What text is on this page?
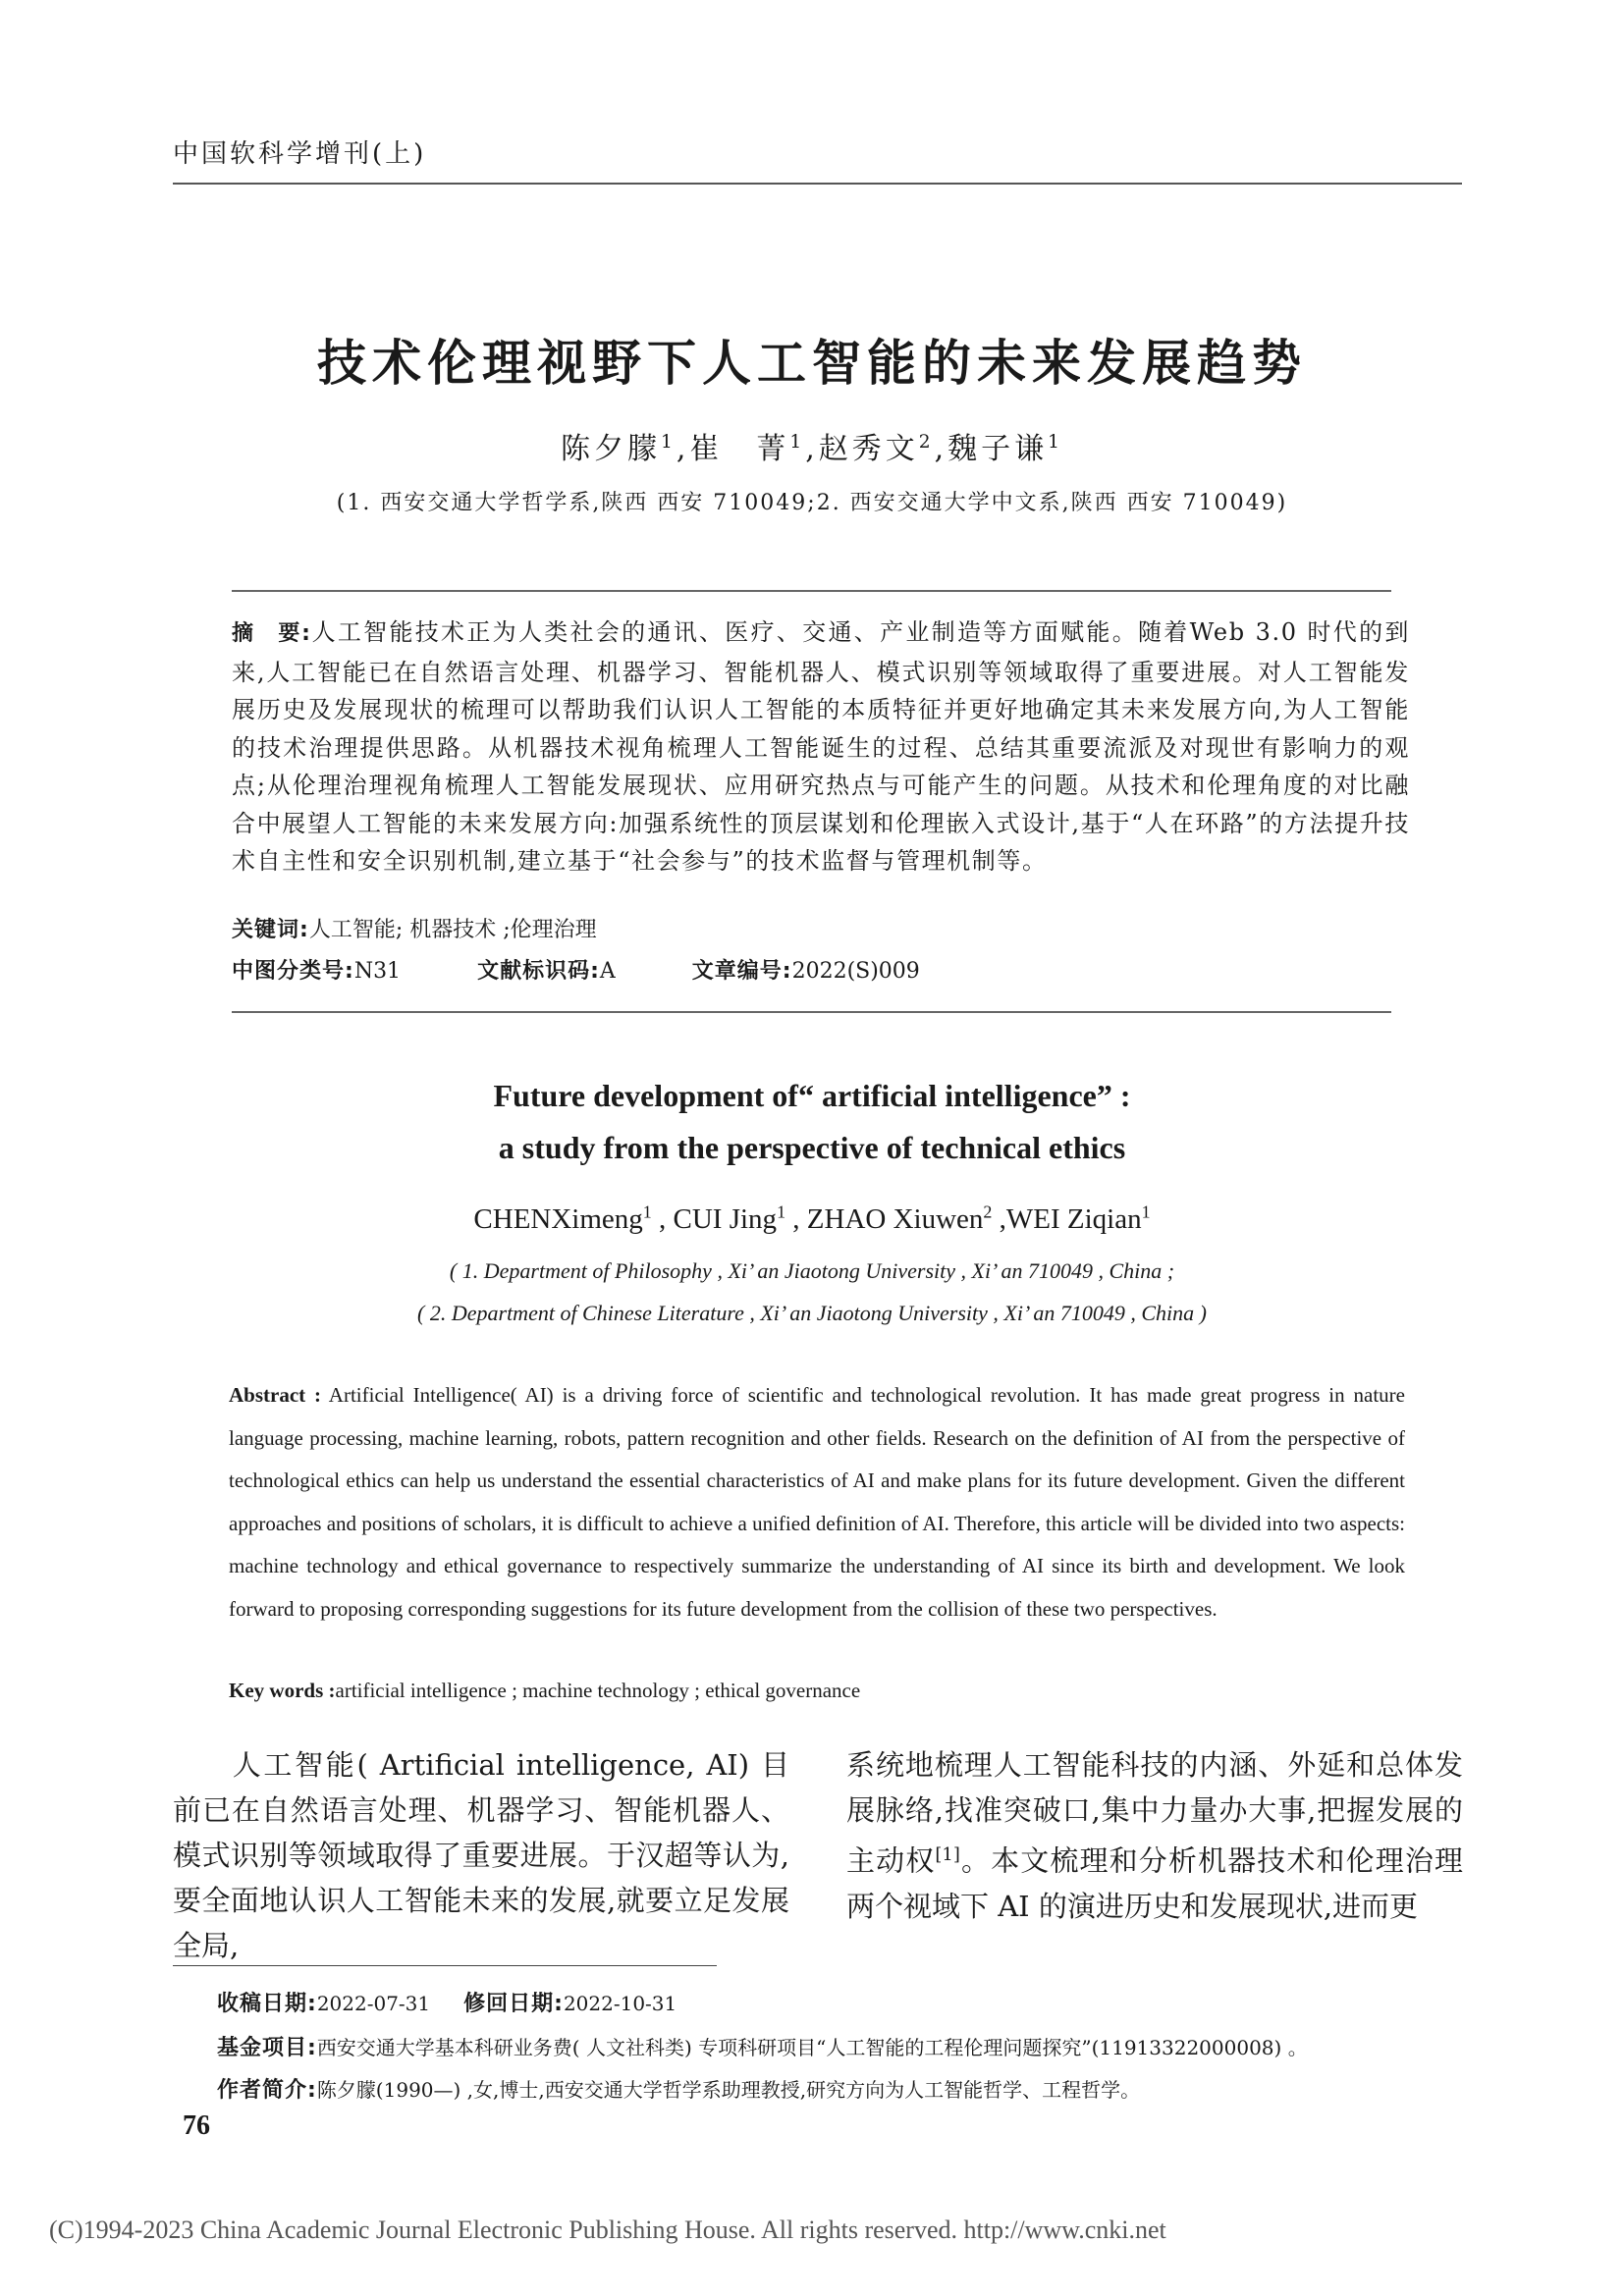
中国软科学增刊(上)
技术伦理视野下人工智能的未来发展趋势
陈夕朦$^1$,崔　菁$^1$,赵秀文$^2$,魏子谦$^1$
(1. 西安交通大学哲学系,陕西 西安 710049;2. 西安交通大学中文系,陕西 西安 710049)
摘　要:人工智能技术正为人类社会的通讯、医疗、交通、产业制造等方面赋能。随着Web 3.0 时代的到来,人工智能已在自然语言处理、机器学习、智能机器人、模式识别等领域取得了重要进展。对人工智能发展历史及发展现状的梳理可以帮助我们认识人工智能的本质特征并更好地确定其未来发展方向,为人工智能的技术治理提供思路。从机器技术视角梳理人工智能诞生的过程、总结其重要流派及对现世有影响力的观点;从伦理治理视角梳理人工智能发展现状、应用研究热点与可能产生的问题。从技术和伦理角度的对比融合中展望人工智能的未来发展方向:加强系统性的顶层谋划和伦理嵌入式设计,基于“人在环路”的方法提升技术自主性和安全识别机制,建立基于“社会参与”的技术监督与管理机制等。
关键词:人工智能; 机器技术 ;伦理治理
中图分类号:N31	文献标识码:A	文章编号:2022(S)009
Future development of“ artificial intelligence” :
a study from the perspective of technical ethics
CHENXimeng$^1$ , CUI Jing$^1$ , ZHAO Xiuwen$^2$ ,WEI Ziqian$^1$
( 1. Department of Philosophy , Xi’ an Jiaotong University , Xi’ an 710049 , China ;
( 2. Department of Chinese Literature , Xi’ an Jiaotong University , Xi’ an 710049 , China )
Abstract : Artificial Intelligence( AI) is a driving force of scientific and technological revolution. It has made great progress in nature language processing, machine learning, robots, pattern recognition and other fields. Research on the definition of AI from the perspective of technological ethics can help us understand the essential characteristics of AI and make plans for its future development. Given the different approaches and positions of scholars, it is difficult to achieve a unified definition of AI. Therefore, this article will be divided into two aspects: machine technology and ethical governance to respectively summarize the understanding of AI since its birth and development. We look forward to proposing corresponding suggestions for its future development from the collision of these two perspectives.
Key words :artificial intelligence ; machine technology ; ethical governance
人工智能( Artificial intelligence, AI) 目前已在自然语言处理、机器学习、智能机器人、模式识别等领域取得了重要进展。于汉超等认为,要全面地认识人工智能未来的发展,就要立足发展全局,
系统地梳理人工智能科技的内涵、外延和总体发展脉络,找准突破口,集中力量办大事,把握发展的主动权[1]。本文梳理和分析机器技术和伦理治理两个视域下 AI 的演进历史和发展现状,进而更
收稿日期:2022-07-31 修回日期:2022-10-31
基金项目:西安交通大学基本科研业务费( 人文社科类) 专项科研项目“人工智能的工程伦理问题探究”(11913322000008) 。
作者简介:陈夕朦(1990—) ,女,博士,西安交通大学哲学系助理教授,研究方向为人工智能哲学、工程哲学。
76
(C)1994-2023 China Academic Journal Electronic Publishing House. All rights reserved. http://www.cnki.net
